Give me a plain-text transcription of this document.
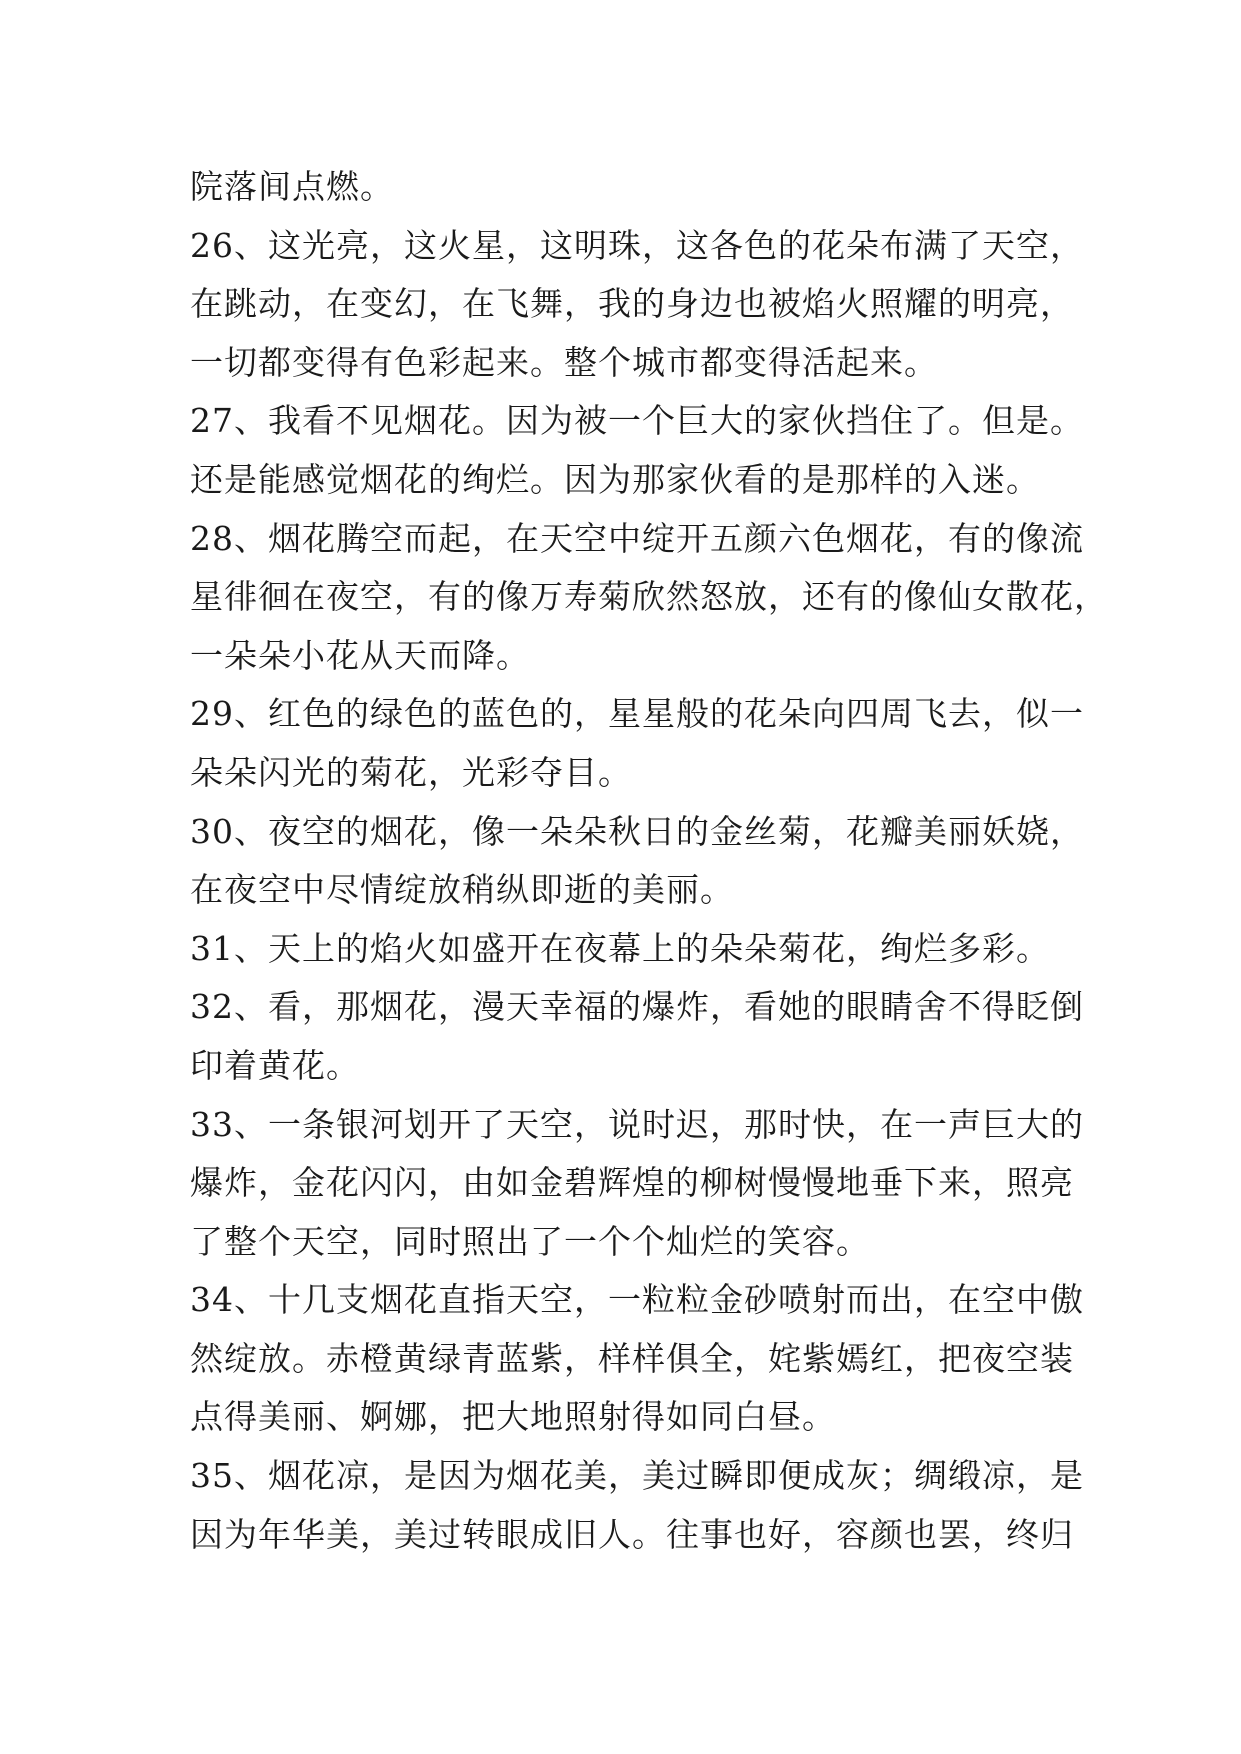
院落间点燃。
26、这光亮，这火星，这明珠，这各色的花朵布满了天空，
在跳动，在变幻，在飞舞，我的身边也被焰火照耀的明亮，
一切都变得有色彩起来。整个城市都变得活起来。
27、我看不见烟花。因为被一个巨大的家伙挡住了。但是。
还是能感觉烟花的绚烂。因为那家伙看的是那样的入迷。
28、烟花腾空而起，在天空中绽开五颜六色烟花，有的像流
星徘徊在夜空，有的像万寿菊欣然怒放，还有的像仙女散花，
一朵朵小花从天而降。
29、红色的绿色的蓝色的，星星般的花朵向四周飞去，似一
朵朵闪光的菊花，光彩夺目。
30、夜空的烟花，像一朵朵秋日的金丝菊，花瓣美丽妖娆，
在夜空中尽情绽放稍纵即逝的美丽。
31、天上的焰火如盛开在夜幕上的朵朵菊花，绚烂多彩。
32、看，那烟花，漫天幸福的爆炸，看她的眼睛舍不得眨倒
印着黄花。
33、一条银河划开了天空，说时迟，那时快，在一声巨大的
爆炸，金花闪闪，由如金碧辉煌的柳树慢慢地垂下来，照亮
了整个天空，同时照出了一个个灿烂的笑容。
34、十几支烟花直指天空，一粒粒金砂喷射而出，在空中傲
然绽放。赤橙黄绿青蓝紫，样样俱全，姹紫嫣红，把夜空装
点得美丽、婀娜，把大地照射得如同白昼。
35、烟花凉，是因为烟花美，美过瞬即便成灰；绸缎凉，是
因为年华美，美过转眼成旧人。往事也好，容颜也罢，终归
